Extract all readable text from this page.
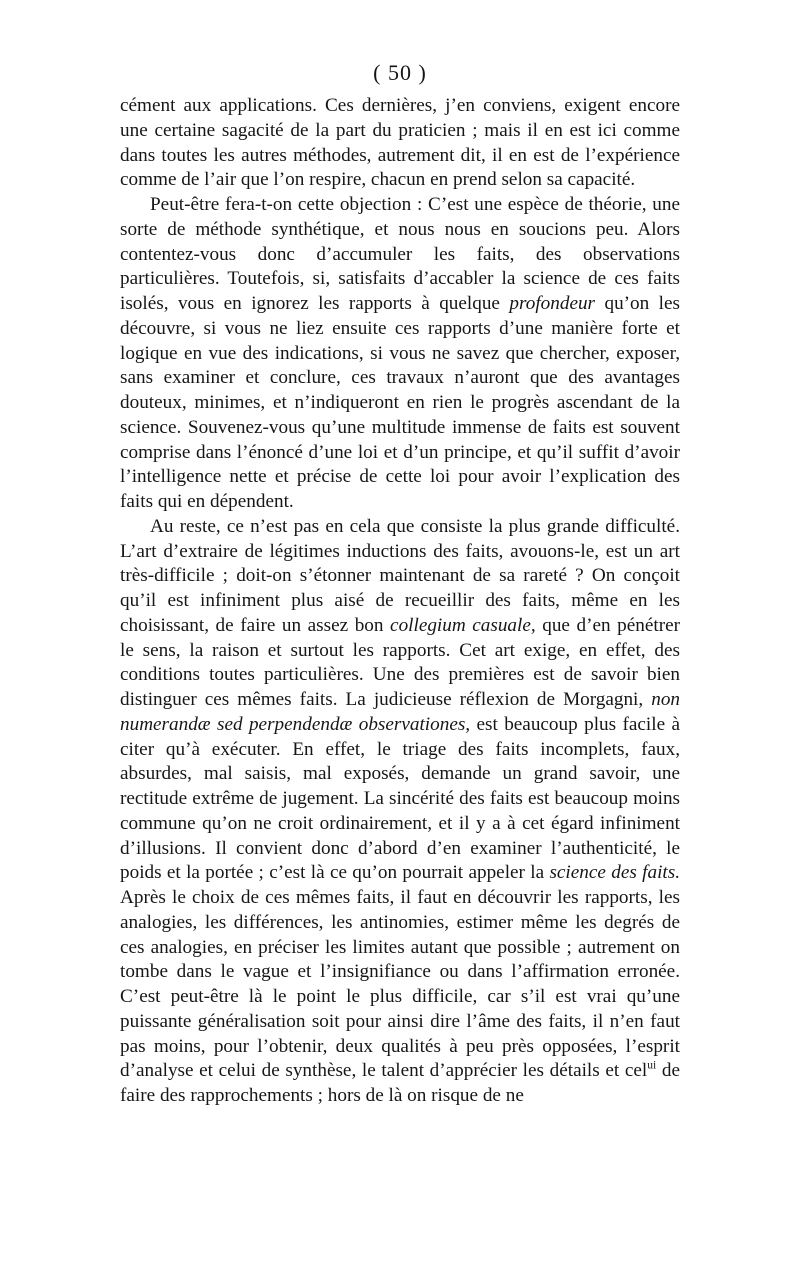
( 50 )

cément aux applications. Ces dernières, j’en conviens, exigent encore une certaine sagacité de la part du praticien ; mais il en est ici comme dans toutes les autres méthodes, autrement dit, il en est de l’expérience comme de l’air que l’on respire, chacun en prend selon sa capacité.

Peut-être fera-t-on cette objection : C’est une espèce de théorie, une sorte de méthode synthétique, et nous nous en soucions peu. Alors contentez-vous donc d’accumuler les faits, des observations particulières. Toutefois, si, satisfaits d’accabler la science de ces faits isolés, vous en ignorez les rapports à quelque profondeur qu’on les découvre, si vous ne liez ensuite ces rapports d’une manière forte et logique en vue des indications, si vous ne savez que chercher, exposer, sans examiner et conclure, ces travaux n’auront que des avantages douteux, minimes, et n’indiqueront en rien le progrès ascendant de la science. Souvenez-vous qu’une multitude immense de faits est souvent comprise dans l’énoncé d’une loi et d’un principe, et qu’il suffit d’avoir l’intelligence nette et précise de cette loi pour avoir l’explication des faits qui en dépendent.

Au reste, ce n’est pas en cela que consiste la plus grande difficulté. L’art d’extraire de légitimes inductions des faits, avouons-le, est un art très-difficile ; doit-on s’étonner maintenant de sa rareté ? On conçoit qu’il est infiniment plus aisé de recueillir des faits, même en les choisissant, de faire un assez bon collegium casuale, que d’en pénétrer le sens, la raison et surtout les rapports. Cet art exige, en effet, des conditions toutes particulières. Une des premières est de savoir bien distinguer ces mêmes faits. La judicieuse réflexion de Morgagni, non numerandæ sed perpendendæ observationes, est beaucoup plus facile à citer qu’à exécuter. En effet, le triage des faits incomplets, faux, absurdes, mal saisis, mal exposés, demande un grand savoir, une rectitude extrême de jugement. La sincérité des faits est beaucoup moins commune qu’on ne croit ordinairement, et il y a à cet égard infiniment d’illusions. Il convient donc d’abord d’en examiner l’authenticité, le poids et la portée ; c’est là ce qu’on pourrait appeler la science des faits. Après le choix de ces mêmes faits, il faut en découvrir les rapports, les analogies, les différences, les antinomies, estimer même les degrés de ces analogies, en préciser les limites autant que possible ; autrement on tombe dans le vague et l’insignifiance ou dans l’affirmation erronée. C’est peut-être là le point le plus difficile, car s’il est vrai qu’une puissante généralisation soit pour ainsi dire l’âme des faits, il n’en faut pas moins, pour l’obtenir, deux qualités à peu près opposées, l’esprit d’analyse et celui de synthèse, le talent d’apprécier les détails et cel$^{ui}$ de faire des rapprochements ; hors de là on risque de ne
